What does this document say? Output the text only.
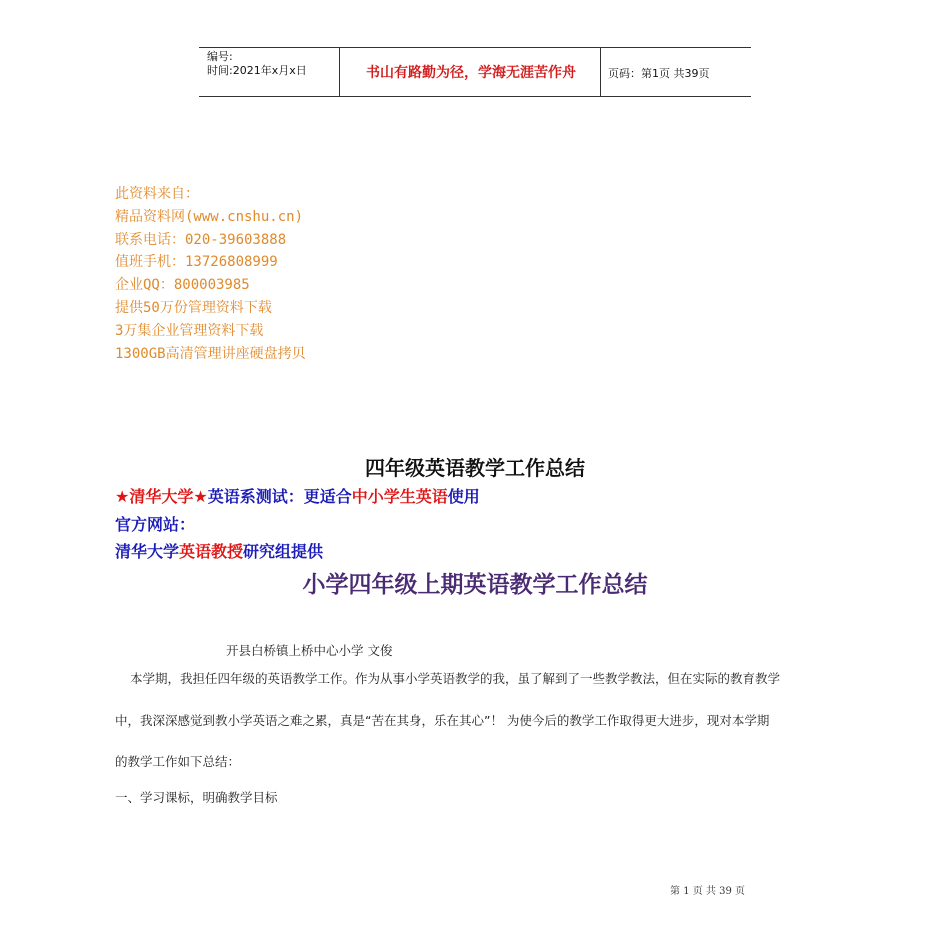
编号:
时间:2021年x月x日	书山有路勤为径，学海无涯苦作舟	页码：第1页 共39页
此资料来自：
精品资料网(www.cnshu.cn)
联系电话：020-39603888
值班手机：13726808999
企业QQ：800003985
提供50万份管理资料下载
3万集企业管理资料下载
1300GB高清管理讲座硬盘拷贝
四年级英语教学工作总结
★清华大学★英语系测试：更适合中小学生英语使用
官方网站：
清华大学英语教授研究组提供
小学四年级上期英语教学工作总结
开县白桥镇上桥中心小学 文俊
本学期，我担任四年级的英语教学工作。作为从事小学英语教学的我，虽了解到了一些教学教法，但在实际的教育教学
中，我深深感觉到教小学英语之难之累，真是“苦在其身，乐在其心”！ 为使今后的教学工作取得更大进步，现对本学期
的教学工作如下总结：
一、学习课标，明确教学目标
第 1 页 共 39 页
